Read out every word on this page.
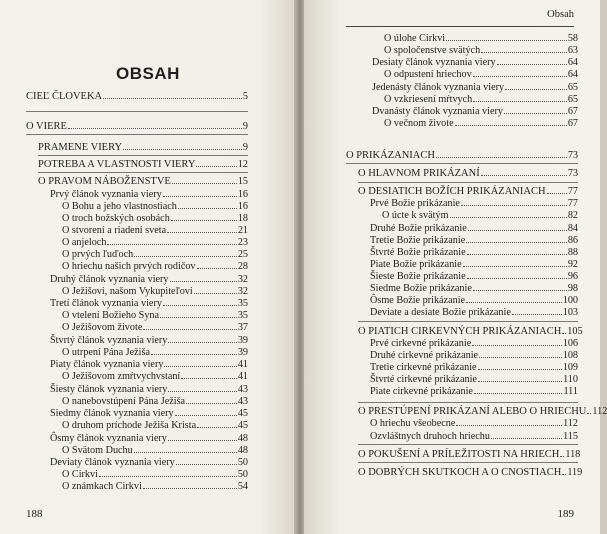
OBSAH
CIEĽ ČLOVEKA	5
O VIERE	9
PRAMENE VIERY	9
POTREBA A VLASTNOSTI VIERY	12
O PRAVOM NÁBOŽENSTVE	15
Prvý článok vyznania viery	16
O Bohu a jeho vlastnostiach	16
O troch božských osobách	18
O stvorení a riadení sveta	21
O anjeloch	23
O prvých ľuďoch	25
O hriechu našich prvých rodičov	28
Druhý článok vyznania viery	32
O Ježišovi, našom Vykupiteľovi	32
Tretí článok vyznania viery	35
O vtelení Božieho Syna	35
O Ježišovom živote	37
Štvrtý článok vyznania viery	39
O utrpení Pána Ježiša	39
Piaty článok vyznania viery	41
O Ježišovom zmŕtvychvstaní	41
Šiesty článok vyznania viery	43
O nanebovstúpení Pána Ježiša	43
Siedmy článok vyznania viery	45
O druhom príchode Ježiša Krista	45
Ôsmy článok vyznania viery	48
O Svätom Duchu	48
Deviaty článok vyznania viery	50
O Cirkvi	50
O známkach Cirkvi	54
188
Obsah
O úlohe Cirkvi	58
O spoločenstve svätých	63
Desiaty článok vyznania viery	64
O odpustení hriechov	64
Jedenásty článok vyznania viery	65
O vzkriesení mŕtvych	65
Dvanásty článok vyznania viery	67
O večnom živote	67
O PRIKÁZANIACH	73
O HLAVNOM PRIKÁZANÍ	73
O DESIATICH BOŽÍCH PRIKÁZANIACH 77
Prvé Božie prikázanie	77
O úcte k svätým	82
Druhé Božie prikázanie	84
Tretie Božie prikázanie	86
Štvrté Božie prikázanie	88
Piate Božie prikázanie	92
Šieste Božie prikázanie	96
Siedme Božie prikázanie	98
Ôsme Božie prikázanie	100
Deviate a desiate Božie prikázanie	103
O PIATICH CIRKEVNÝCH PRIKÁZANIACH 105
Prvé cirkevné prikázanie	106
Druhé cirkevné prikázanie	108
Tretie cirkevné prikázanie	109
Štvrté cirkevné prikázanie	110
Piate cirkevné prikázanie	111
O PRESTÚPENÍ PRIKÁZANÍ ALEBO O HRIECHU 112
O hriechu všeobecne	112
Ozvláštnych druhoch hriechu	115
O POKUŠENÍ A PRÍLEŽITOSTI NA HRIECH 118
O DOBRÝCH SKUTKOCH A O CNOSTIACH 119
189
